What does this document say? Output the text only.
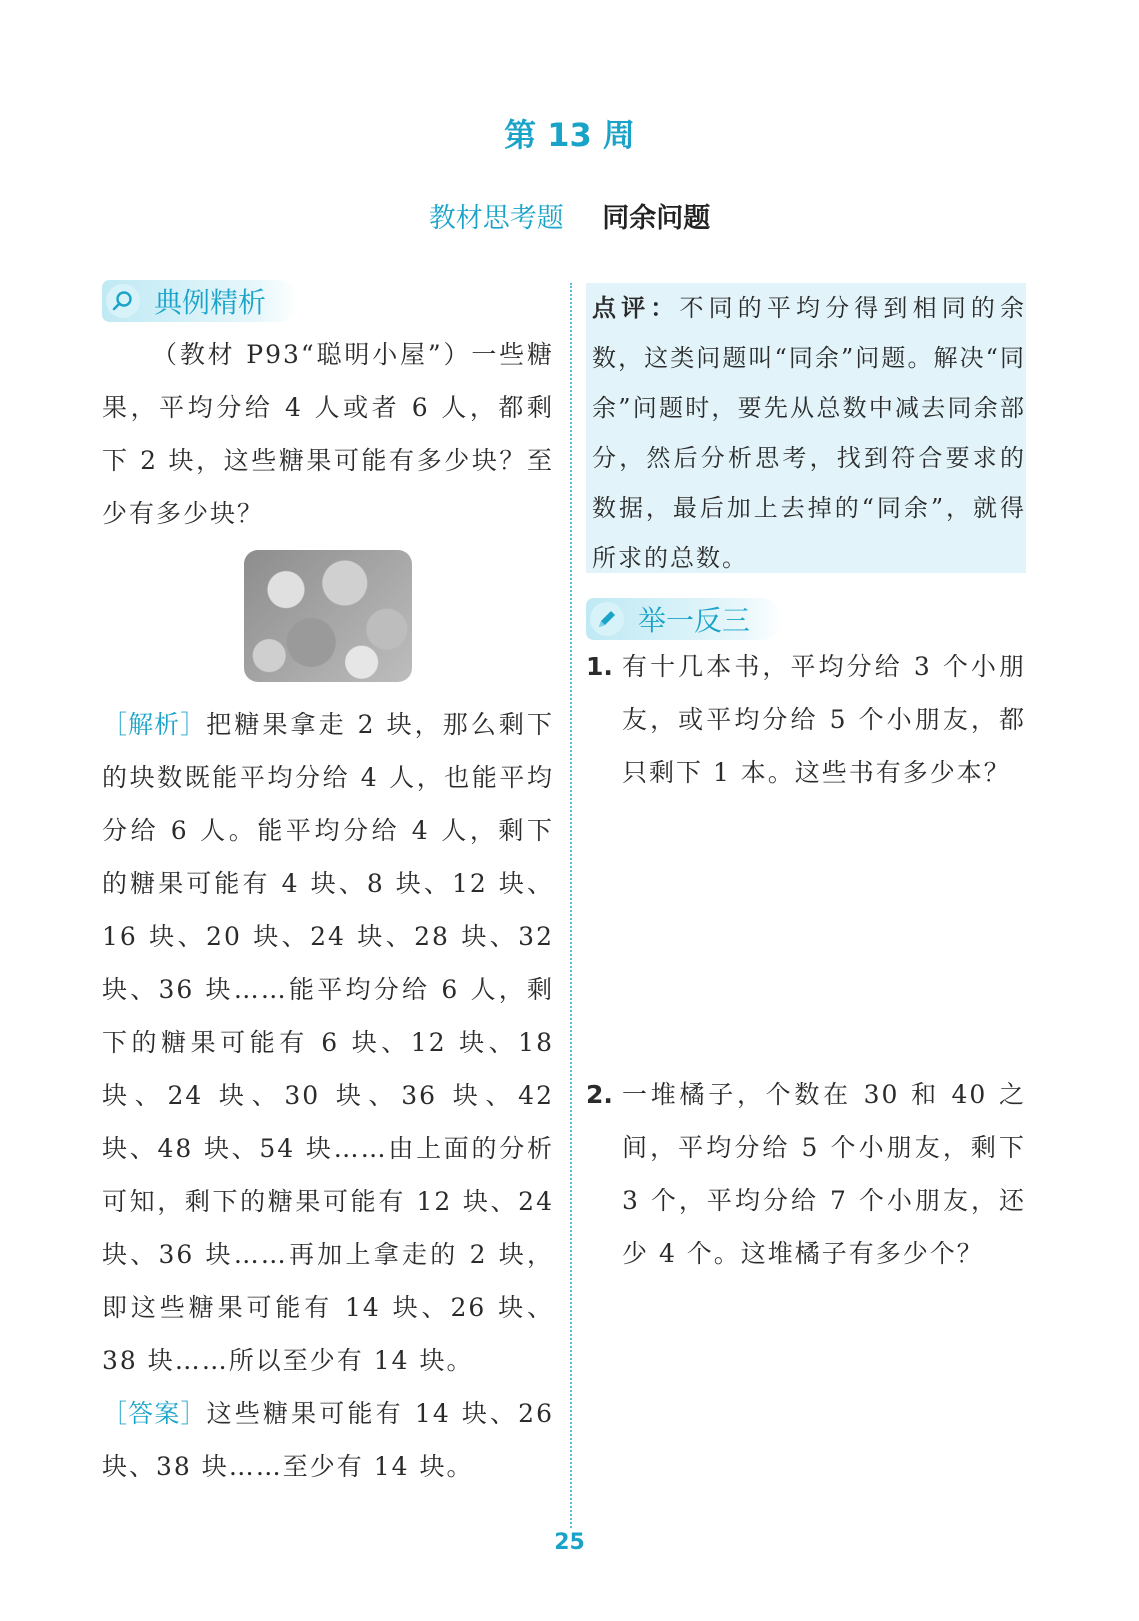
第 13 周
教材思考题 同余问题
典例精析
（教材 P93“聪明小屋”）一些糖果，平均分给 4 人或者 6 人，都剩下 2 块，这些糖果可能有多少块？至少有多少块？
［解析］把糖果拿走 2 块，那么剩下的块数既能平均分给 4 人，也能平均分给 6 人。能平均分给 4 人，剩下的糖果可能有 4 块、8 块、12 块、16 块、20 块、24 块、28 块、32 块、36 块……能平均分给 6 人，剩下的糖果可能有 6 块、12 块、18 块、24 块、30 块、36 块、42 块、48 块、54 块……由上面的分析可知，剩下的糖果可能有 12 块、24 块、36 块……再加上拿走的 2 块，即这些糖果可能有 14 块、26 块、38 块……所以至少有 14 块。
［答案］这些糖果可能有 14 块、26 块、38 块……至少有 14 块。
点评：不同的平均分得到相同的余数，这类问题叫“同余”问题。解决“同余”问题时，要先从总数中减去同余部分，然后分析思考，找到符合要求的数据，最后加上去掉的“同余”，就得所求的总数。
举一反三
1. 有十几本书，平均分给 3 个小朋友，或平均分给 5 个小朋友，都只剩下 1 本。这些书有多少本？
2. 一堆橘子，个数在 30 和 40 之间，平均分给 5 个小朋友，剩下 3 个，平均分给 7 个小朋友，还少 4 个。这堆橘子有多少个？
25
